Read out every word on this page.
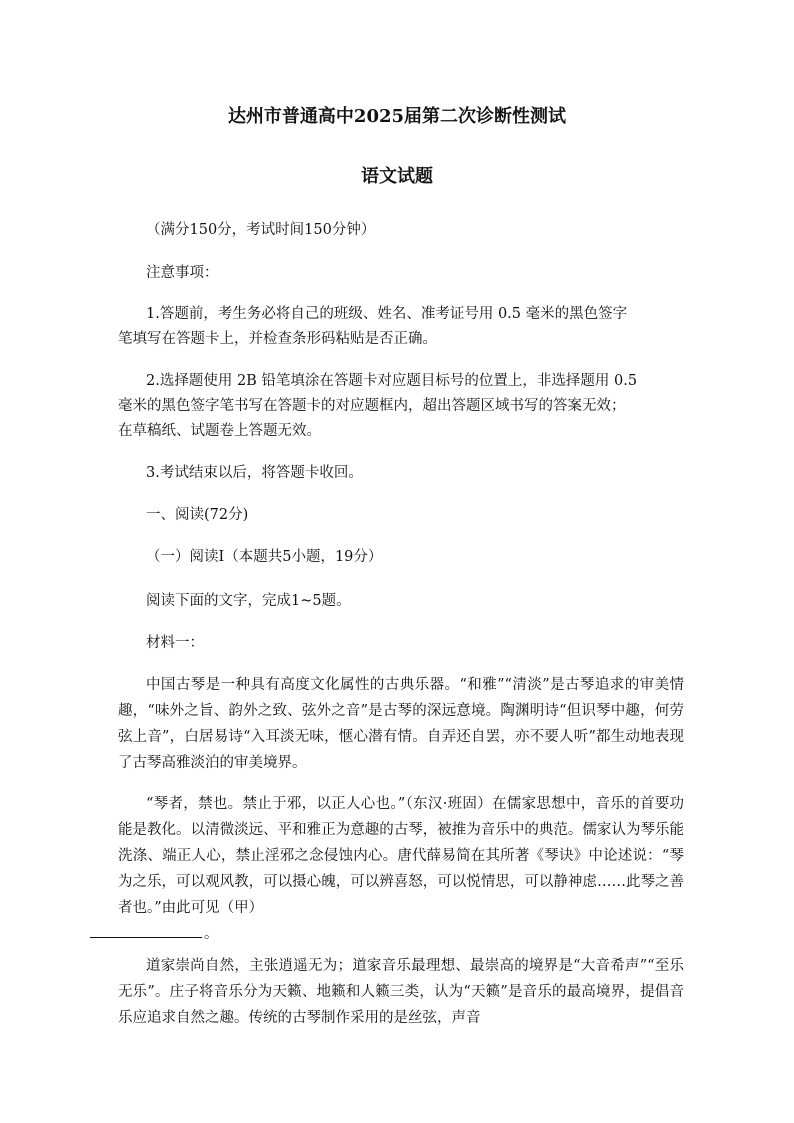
达州市普通高中2025届第二次诊断性测试
语文试题
（满分150分，考试时间150分钟）
注意事项：
1.答题前，考生务必将自己的班级、姓名、准考证号用 0.5 毫米的黑色签字
笔填写在答题卡上，并检查条形码粘贴是否正确。
2.选择题使用 2B 铅笔填涂在答题卡对应题目标号的位置上，非选择题用 0.5
毫米的黑色签字笔书写在答题卡的对应题框内，超出答题区域书写的答案无效；
在草稿纸、试题卷上答题无效。
3.考试结束以后，将答题卡收回。
一、阅读(72分)
（一）阅读Ⅰ（本题共5小题，19分）
阅读下面的文字，完成1~5题。
材料一：
中国古琴是一种具有高度文化属性的古典乐器。“和雅”“清淡”是古琴追求的审美情趣，“味外之旨、韵外之致、弦外之音”是古琴的深远意境。陶渊明诗“但识琴中趣，何劳弦上音”，白居易诗“入耳淡无味，惬心潜有情。自弄还自罢，亦不要人听”都生动地表现了古琴高雅淡泊的审美境界。
“琴者，禁也。禁止于邪，以正人心也。”（东汉·班固）在儒家思想中，音乐的首要功能是教化。以清微淡远、平和雅正为意趣的古琴，被推为音乐中的典范。儒家认为琴乐能洗涤、端正人心，禁止淫邪之念侵蚀内心。唐代薛易简在其所著《琴诀》中论述说：“琴为之乐，可以观风教，可以摄心魄，可以辨喜怒，可以悦情思，可以静神虑……此琴之善者也。”由此可见（甲）
。
道家崇尚自然，主张逍遥无为；道家音乐最理想、最崇高的境界是“大音希声”“至乐无乐”。庄子将音乐分为天籁、地籁和人籁三类，认为“天籁”是音乐的最高境界，提倡音乐应追求自然之趣。传统的古琴制作采用的是丝弦，声音
